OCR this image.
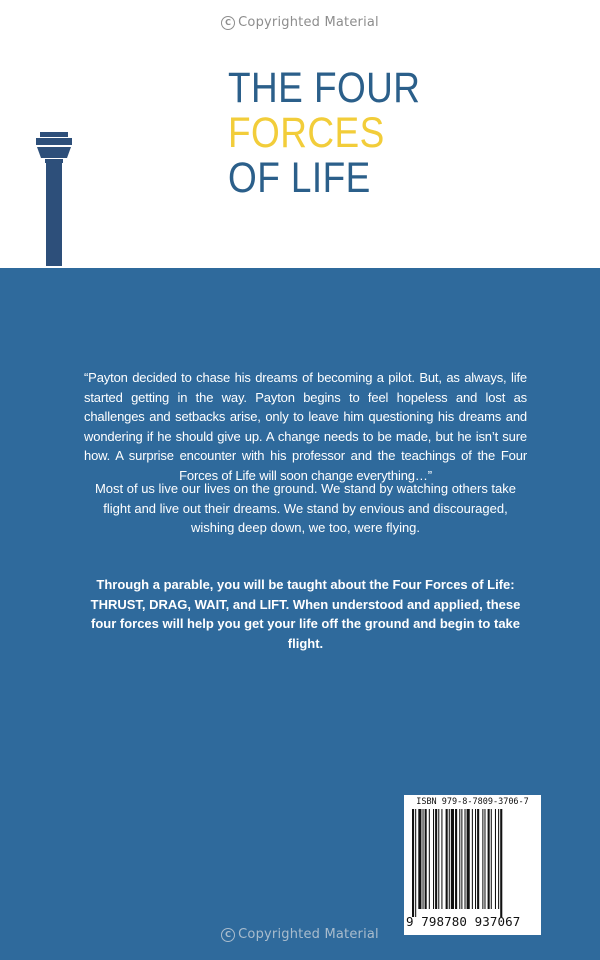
C Copyrighted Material
THE FOUR
FORCES
OF LIFE
“Payton decided to chase his dreams of becoming a pilot. But, as always, life started getting in the way. Payton begins to feel hopeless and lost as challenges and setbacks arise, only to leave him questioning his dreams and wondering if he should give up. A change needs to be made, but he isn’t sure how. A surprise encounter with his professor and the teachings of the Four Forces of Life will soon change everything…”
Most of us live our lives on the ground. We stand by watching others take flight and live out their dreams. We stand by envious and discouraged, wishing deep down, we too, were flying.
Through a parable, you will be taught about the Four Forces of Life: THRUST, DRAG, WAIT, and LIFT. When understood and applied, these four forces will help you get your life off the ground and begin to take flight.
ISBN 979-8-7809-3706-7
9 798780 937067
C Copyrighted Material
